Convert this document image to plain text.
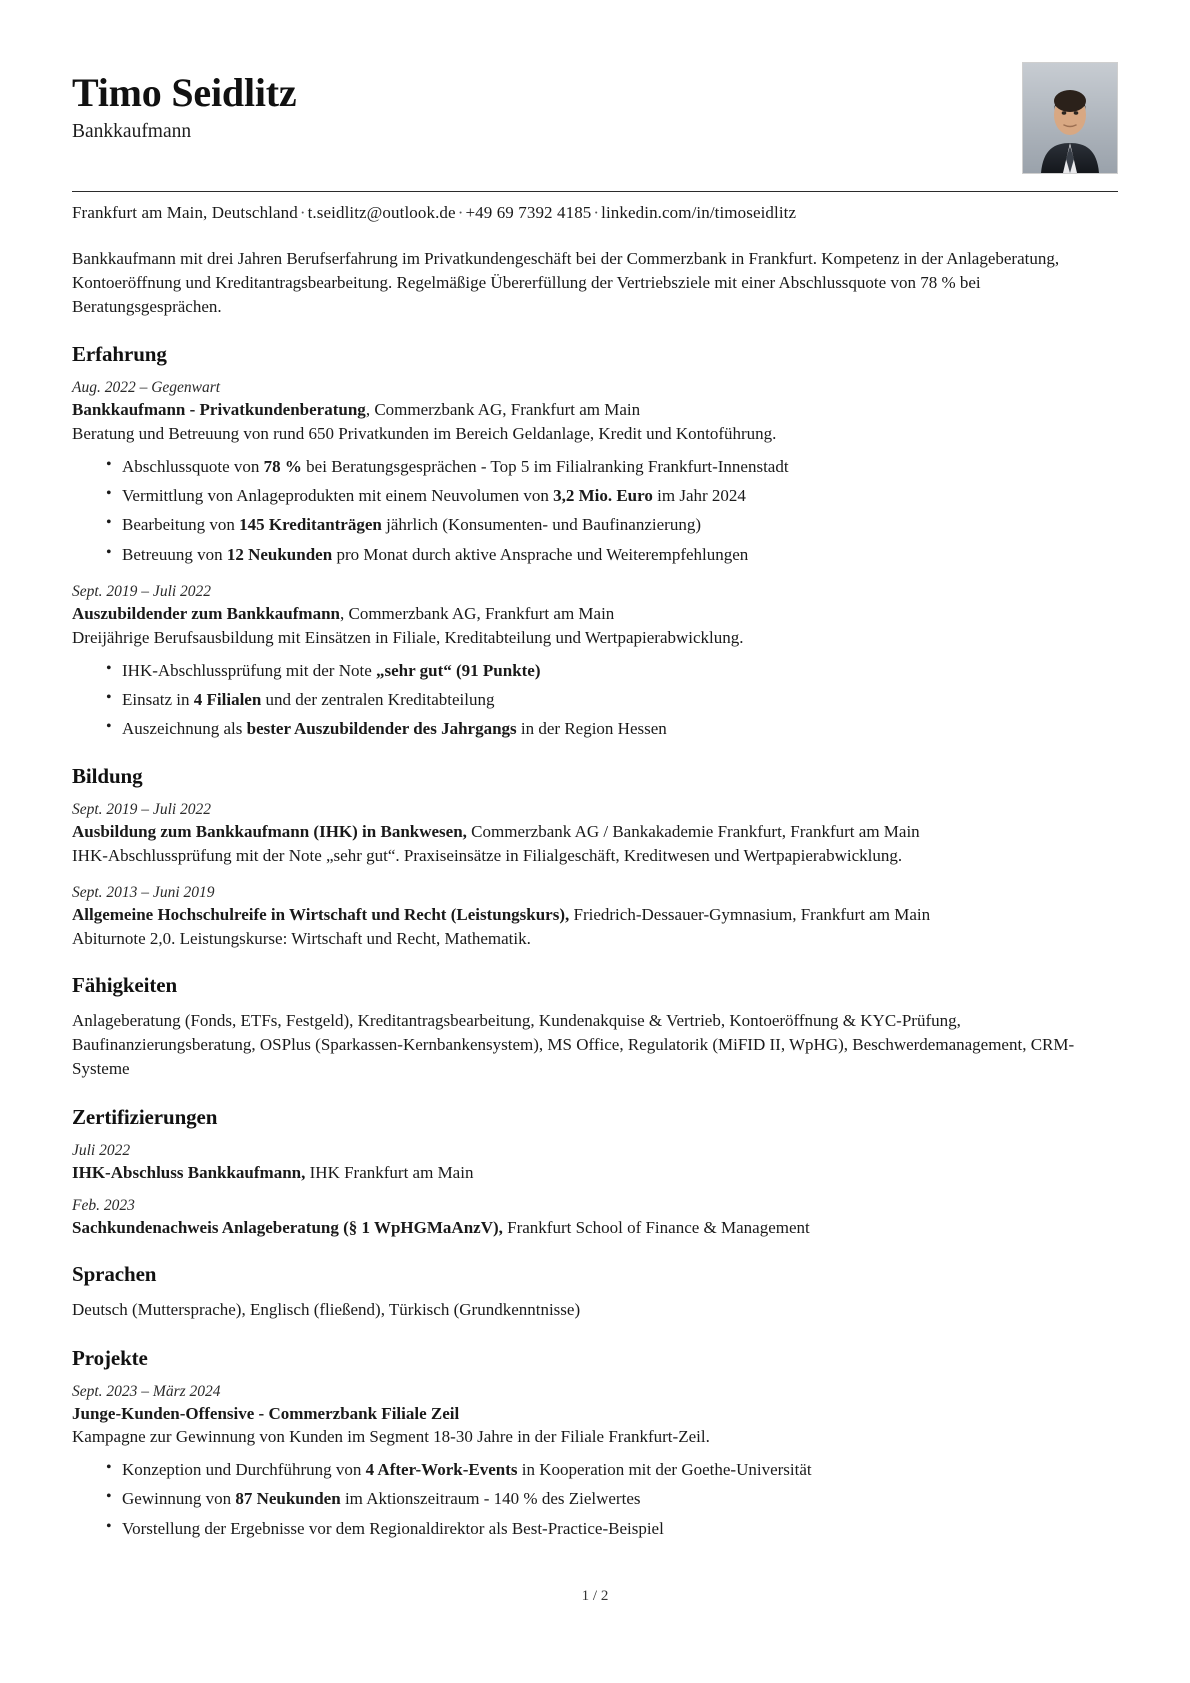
Timo Seidlitz

Bankkaufmann

Frankfurt am Main, Deutschland · t.seidlitz@outlook.de · +49 69 7392 4185 · linkedin.com/in/timoseidlitz

Bankkaufmann mit drei Jahren Berufserfahrung im Privatkundengeschäft bei der Commerzbank in Frankfurt. Kompetenz in der Anlageberatung, Kontoeröffnung und Kreditantragsbearbeitung. Regelmäßige Übererfüllung der Vertriebsziele mit einer Abschlussquote von 78 % bei Beratungsgesprächen.

Erfahrung

Aug. 2022 – Gegenwart

Bankkaufmann - Privatkundenberatung, Commerzbank AG, Frankfurt am Main

Beratung und Betreuung von rund 650 Privatkunden im Bereich Geldanlage, Kredit und Kontoführung.

• Abschlussquote von 78 % bei Beratungsgesprächen - Top 5 im Filialranking Frankfurt-Innenstadt
• Vermittlung von Anlageprodukten mit einem Neuvolumen von 3,2 Mio. Euro im Jahr 2024
• Bearbeitung von 145 Kreditanträgen jährlich (Konsumenten- und Baufinanzierung)
• Betreuung von 12 Neukunden pro Monat durch aktive Ansprache und Weiterempfehlungen

Sept. 2019 – Juli 2022

Auszubildender zum Bankkaufmann, Commerzbank AG, Frankfurt am Main

Dreijährige Berufsausbildung mit Einsätzen in Filiale, Kreditabteilung und Wertpapierabwicklung.

• IHK-Abschlussprüfung mit der Note „sehr gut“ (91 Punkte)
• Einsatz in 4 Filialen und der zentralen Kreditabteilung
• Auszeichnung als bester Auszubildender des Jahrgangs in der Region Hessen
Bildung

Sept. 2019 – Juli 2022

Ausbildung zum Bankkaufmann (IHK) in Bankwesen, Commerzbank AG / Bankakademie Frankfurt, Frankfurt am Main

IHK-Abschlussprüfung mit der Note „sehr gut“. Praxiseinsätze in Filialgeschäft, Kreditwesen und Wertpapierabwicklung.

Sept. 2013 – Juni 2019

Allgemeine Hochschulreife in Wirtschaft und Recht (Leistungskurs), Friedrich-Dessauer-Gymnasium, Frankfurt am Main

Abiturnote 2,0. Leistungskurse: Wirtschaft und Recht, Mathematik.

Fähigkeiten

Anlageberatung (Fonds, ETFs, Festgeld), Kreditantragsbearbeitung, Kundenakquise & Vertrieb, Kontoeröffnung & KYC-Prüfung, Baufinanzierungsberatung, OSPlus (Sparkassen-Kernbankensystem), MS Office, Regulatorik (MiFID II, WpHG), Beschwerdemanagement, CRM-Systeme

Zertifizierungen

Juli 2022

IHK-Abschluss Bankkaufmann, IHK Frankfurt am Main

Feb. 2023

Sachkundenachweis Anlageberatung (§ 1 WpHGMaAnzV), Frankfurt School of Finance & Management

Sprachen

Deutsch (Muttersprache), Englisch (fließend), Türkisch (Grundkenntnisse)

Projekte

Sept. 2023 – März 2024

Junge-Kunden-Offensive - Commerzbank Filiale Zeil

Kampagne zur Gewinnung von Kunden im Segment 18-30 Jahre in der Filiale Frankfurt-Zeil.

• Konzeption und Durchführung von 4 After-Work-Events in Kooperation mit der Goethe-Universität
• Gewinnung von 87 Neukunden im Aktionszeitraum - 140 % des Zielwertes
• Vorstellung der Ergebnisse vor dem Regionaldirektor als Best-Practice-Beispiel
1 / 2
